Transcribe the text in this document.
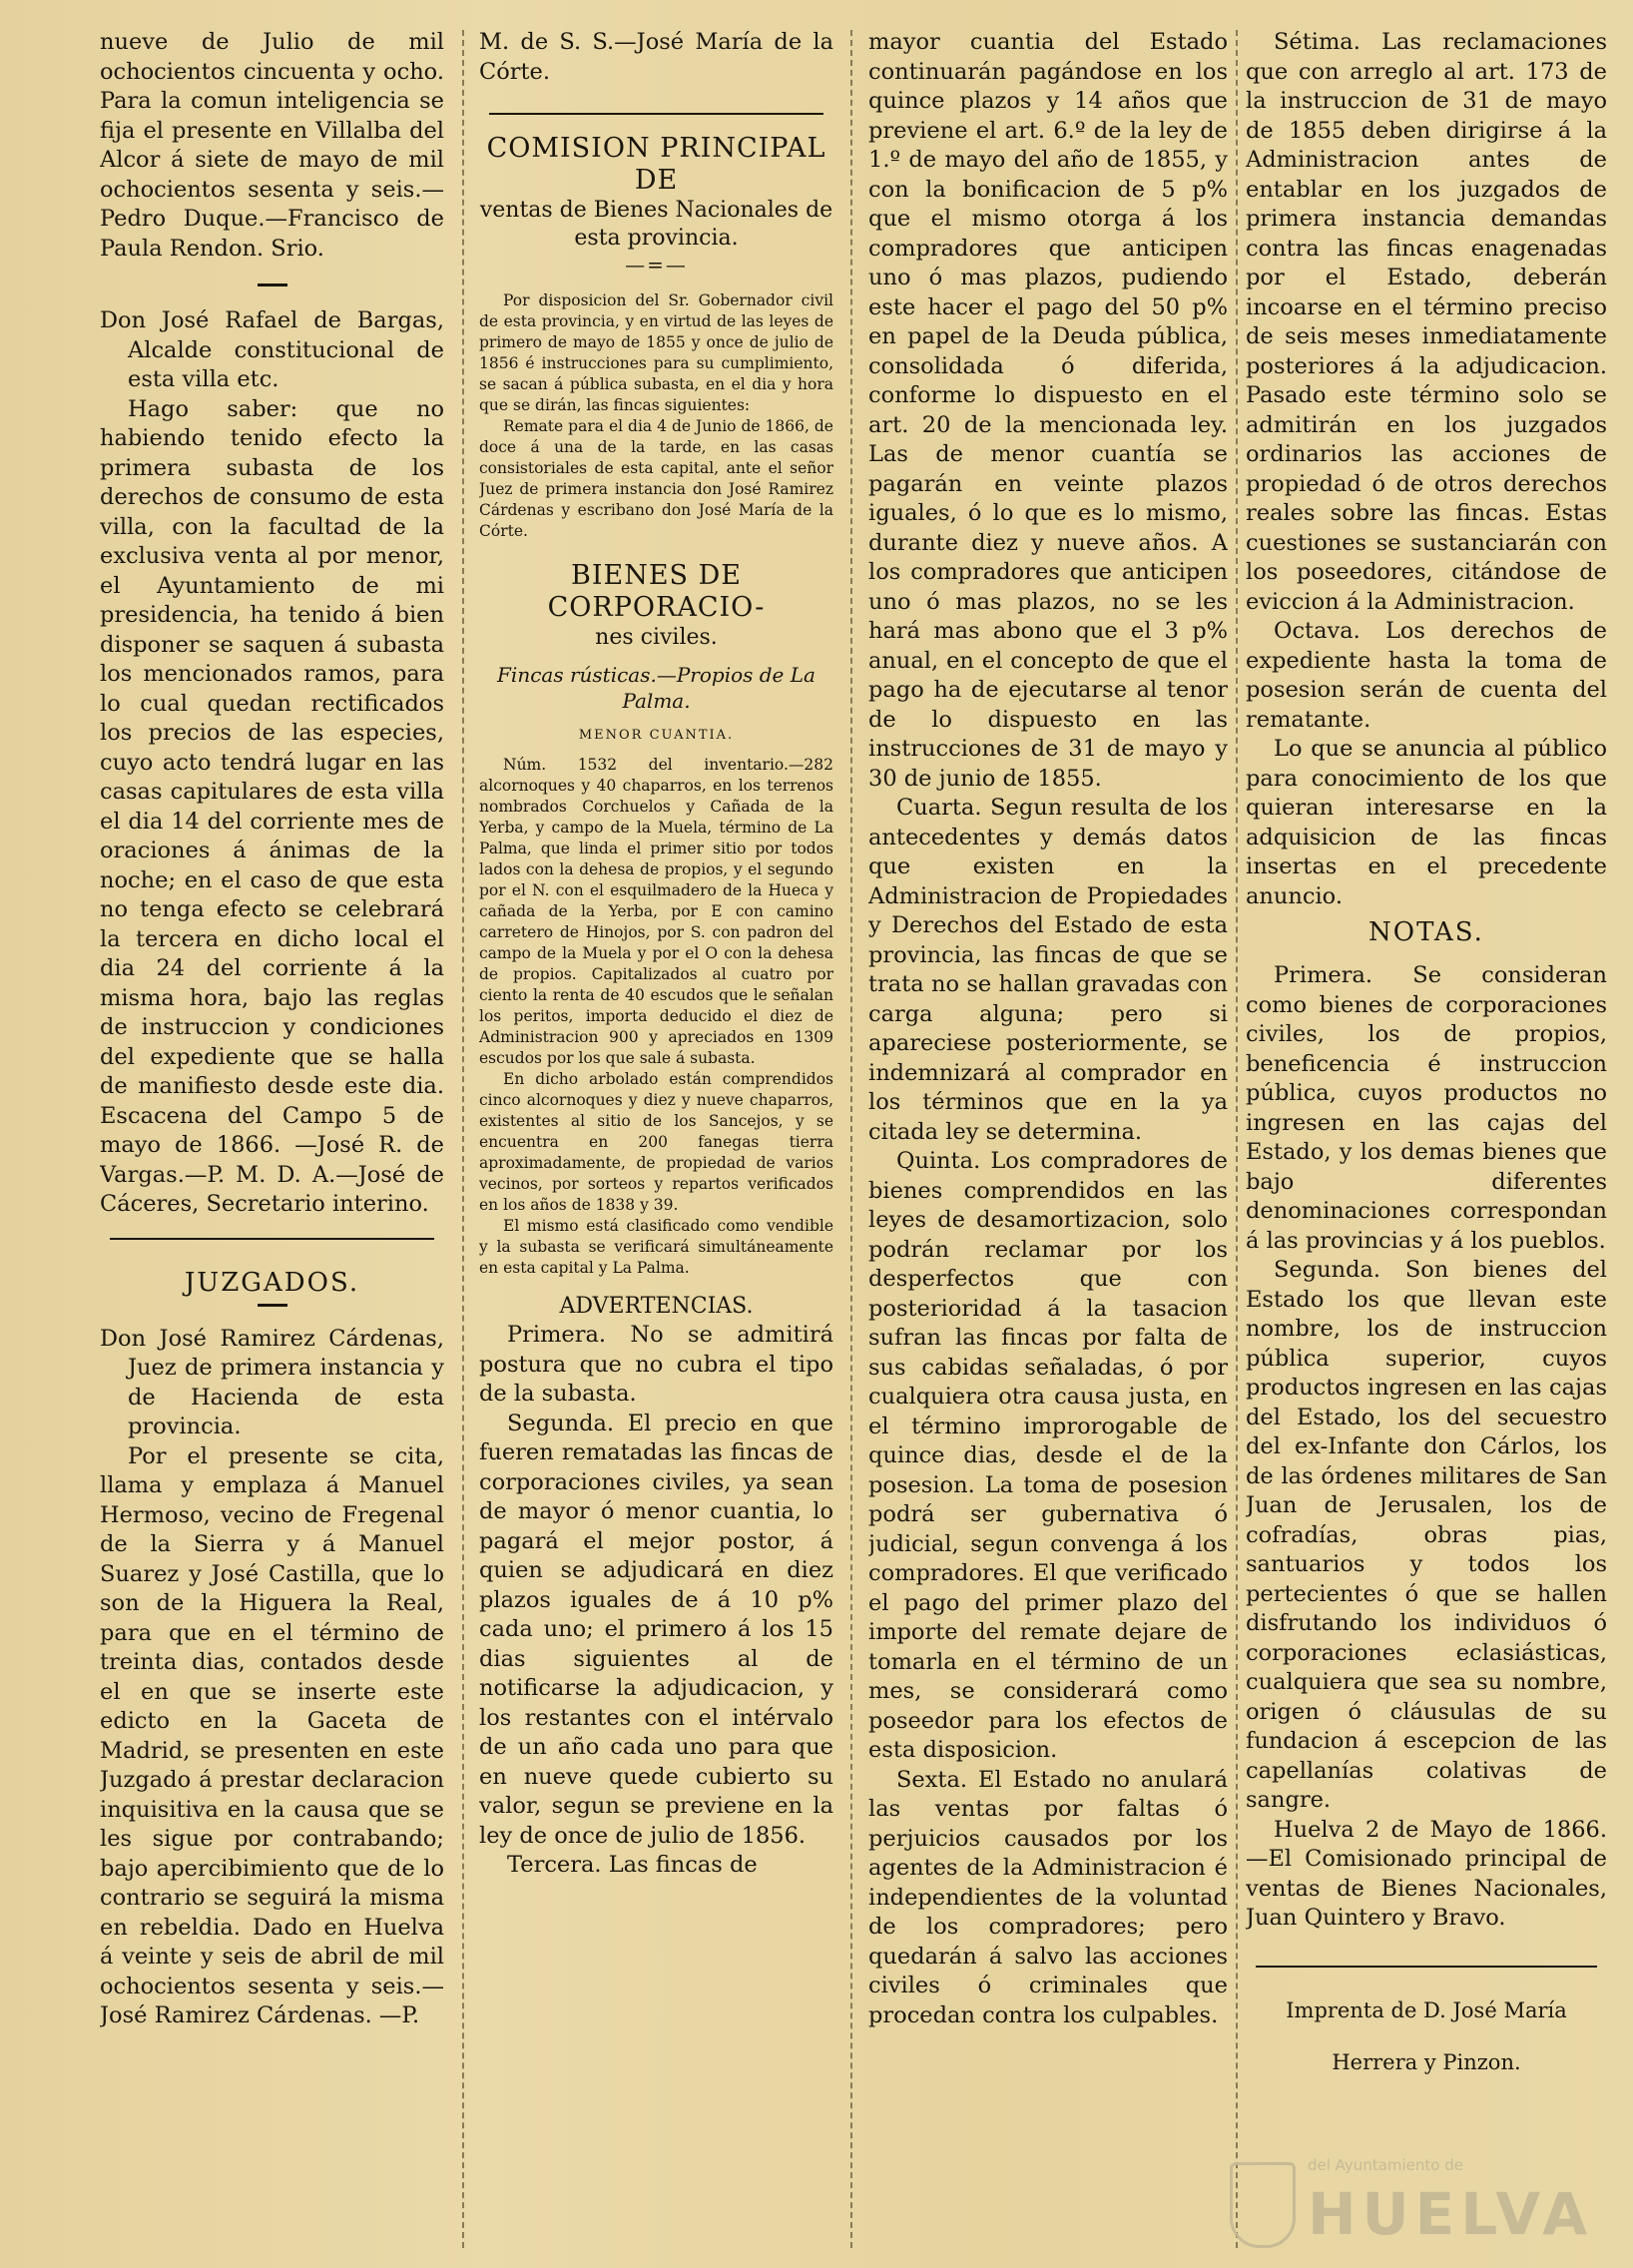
nueve de Julio de mil ochocientos cincuenta y ocho. Para la comun inteligencia se fija el presente en Villalba del Alcor á siete de mayo de mil ochocientos sesenta y seis.—Pedro Duque.—Francisco de Paula Rendon. Srio.

Don José Rafael de Bargas, Alcalde constitucional de esta villa etc.

Hago saber: que no habiendo tenido efecto la primera subasta de los derechos de consumo de esta villa, con la facultad de la exclusiva venta al por menor, el Ayuntamiento de mi presidencia, ha tenido á bien disponer se saquen á subasta los mencionados ramos, para lo cual quedan rectificados los precios de las especies, cuyo acto tendrá lugar en las casas capitulares de esta villa el dia 14 del corriente mes de oraciones á ánimas de la noche; en el caso de que esta no tenga efecto se celebrará la tercera en dicho local el dia 24 del corriente á la misma hora, bajo las reglas de instruccion y condiciones del expediente que se halla de manifiesto desde este dia. Escacena del Campo 5 de mayo de 1866. —José R. de Vargas.—P. M. D. A.—José de Cáceres, Secretario interino.

JUZGADOS.

Don José Ramirez Cárdenas, Juez de primera instancia y de Hacienda de esta provincia.

Por el presente se cita, llama y emplaza á Manuel Hermoso, vecino de Fregenal de la Sierra y á Manuel Suarez y José Castilla, que lo son de la Higuera la Real, para que en el término de treinta dias, contados desde el en que se inserte este edicto en la Gaceta de Madrid, se presenten en este Juzgado á prestar declaracion inquisitiva en la causa que se les sigue por contrabando; bajo apercibimiento que de lo contrario se seguirá la misma en rebeldia. Dado en Huelva á veinte y seis de abril de mil ochocientos sesenta y seis.— José Ramirez Cárdenas. —P.

M. de S. S.—José María de la Córte.

COMISION PRINCIPAL DE

ventas de Bienes Nacionales de esta provincia.

—=—

Por disposicion del Sr. Gobernador civil de esta provincia, y en virtud de las leyes de primero de mayo de 1855 y once de julio de 1856 é instrucciones para su cumplimiento, se sacan á pública subasta, en el dia y hora que se dirán, las fincas siguientes:

Remate para el dia 4 de Junio de 1866, de doce á una de la tarde, en las casas consistoriales de esta capital, ante el señor Juez de primera instancia don José Ramirez Cárdenas y escribano don José María de la Córte.

BIENES DE CORPORACIO-

nes civiles.

Fincas rústicas.—Propios de La Palma.

MENOR CUANTIA.

Núm. 1532 del inventario.—282 alcornoques y 40 chaparros, en los terrenos nombrados Corchuelos y Cañada de la Yerba, y campo de la Muela, término de La Palma, que linda el primer sitio por todos lados con la dehesa de propios, y el segundo por el N. con el esquilmadero de la Hueca y cañada de la Yerba, por E con camino carretero de Hinojos, por S. con padron del campo de la Muela y por el O con la dehesa de propios. Capitalizados al cuatro por ciento la renta de 40 escudos que le señalan los peritos, importa deducido el diez de Administracion 900 y apreciados en 1309 escudos por los que sale á subasta.

En dicho arbolado están comprendidos cinco alcornoques y diez y nueve chaparros, existentes al sitio de los Sancejos, y se encuentra en 200 fanegas tierra aproximadamente, de propiedad de varios vecinos, por sorteos y repartos verificados en los años de 1838 y 39.

El mismo está clasificado como vendible y la subasta se verificará simultáneamente en esta capital y La Palma.

ADVERTENCIAS.

Primera. No se admitirá postura que no cubra el tipo de la subasta.

Segunda. El precio en que fueren rematadas las fincas de corporaciones civiles, ya sean de mayor ó menor cuantia, lo pagará el mejor postor, á quien se adjudicará en diez plazos iguales de á 10 p% cada uno; el primero á los 15 dias siguientes al de notificarse la adjudicacion, y los restantes con el intérvalo de un año cada uno para que en nueve quede cubierto su valor, segun se previene en la ley de once de julio de 1856.

Tercera. Las fincas de

mayor cuantia del Estado continuarán pagándose en los quince plazos y 14 años que previene el art. 6.º de la ley de 1.º de mayo del año de 1855, y con la bonificacion de 5 p% que el mismo otorga á los compradores que anticipen uno ó mas plazos, pudiendo este hacer el pago del 50 p% en papel de la Deuda pública, consolidada ó diferida, conforme lo dispuesto en el art. 20 de la mencionada ley. Las de menor cuantía se pagarán en veinte plazos iguales, ó lo que es lo mismo, durante diez y nueve años. A los compradores que anticipen uno ó mas plazos, no se les hará mas abono que el 3 p% anual, en el concepto de que el pago ha de ejecutarse al tenor de lo dispuesto en las instrucciones de 31 de mayo y 30 de junio de 1855.

Cuarta. Segun resulta de los antecedentes y demás datos que existen en la Administracion de Propiedades y Derechos del Estado de esta provincia, las fincas de que se trata no se hallan gravadas con carga alguna; pero si apareciese posteriormente, se indemnizará al comprador en los términos que en la ya citada ley se determina.

Quinta. Los compradores de bienes comprendidos en las leyes de desamortizacion, solo podrán reclamar por los desperfectos que con posterioridad á la tasacion sufran las fincas por falta de sus cabidas señaladas, ó por cualquiera otra causa justa, en el término improrogable de quince dias, desde el de la posesion. La toma de posesion podrá ser gubernativa ó judicial, segun convenga á los compradores. El que verificado el pago del primer plazo del importe del remate dejare de tomarla en el término de un mes, se considerará como poseedor para los efectos de esta disposicion.

Sexta. El Estado no anulará las ventas por faltas ó perjuicios causados por los agentes de la Administracion é independientes de la voluntad de los compradores; pero quedarán á salvo las acciones civiles ó criminales que procedan contra los culpables.

Sétima. Las reclamaciones que con arreglo al art. 173 de la instruccion de 31 de mayo de 1855 deben dirigirse á la Administracion antes de entablar en los juzgados de primera instancia demandas contra las fincas enagenadas por el Estado, deberán incoarse en el término preciso de seis meses inmediatamente posteriores á la adjudicacion. Pasado este término solo se admitirán en los juzgados ordinarios las acciones de propiedad ó de otros derechos reales sobre las fincas. Estas cuestiones se sustanciarán con los poseedores, citándose de eviccion á la Administracion.

Octava. Los derechos de expediente hasta la toma de posesion serán de cuenta del rematante.

Lo que se anuncia al público para conocimiento de los que quieran interesarse en la adquisicion de las fincas insertas en el precedente anuncio.

NOTAS.

Primera. Se consideran como bienes de corporaciones civiles, los de propios, beneficencia é instruccion pública, cuyos productos no ingresen en las cajas del Estado, y los demas bienes que bajo diferentes denominaciones correspondan á las provincias y á los pueblos.

Segunda. Son bienes del Estado los que llevan este nombre, los de instruccion pública superior, cuyos productos ingresen en las cajas del Estado, los del secuestro del ex-Infante don Cárlos, los de las órdenes militares de San Juan de Jerusalen, los de cofradías, obras pias, santuarios y todos los pertecientes ó que se hallen disfrutando los individuos ó corporaciones eclasiásticas, cualquiera que sea su nombre, origen ó cláusulas de su fundacion á escepcion de las capellanías colativas de sangre.

Huelva 2 de Mayo de 1866.—El Comisionado principal de ventas de Bienes Nacionales, Juan Quintero y Bravo.

Imprenta de D. José María

Herrera y Pinzon.

del Ayuntamiento de
HUELVA
